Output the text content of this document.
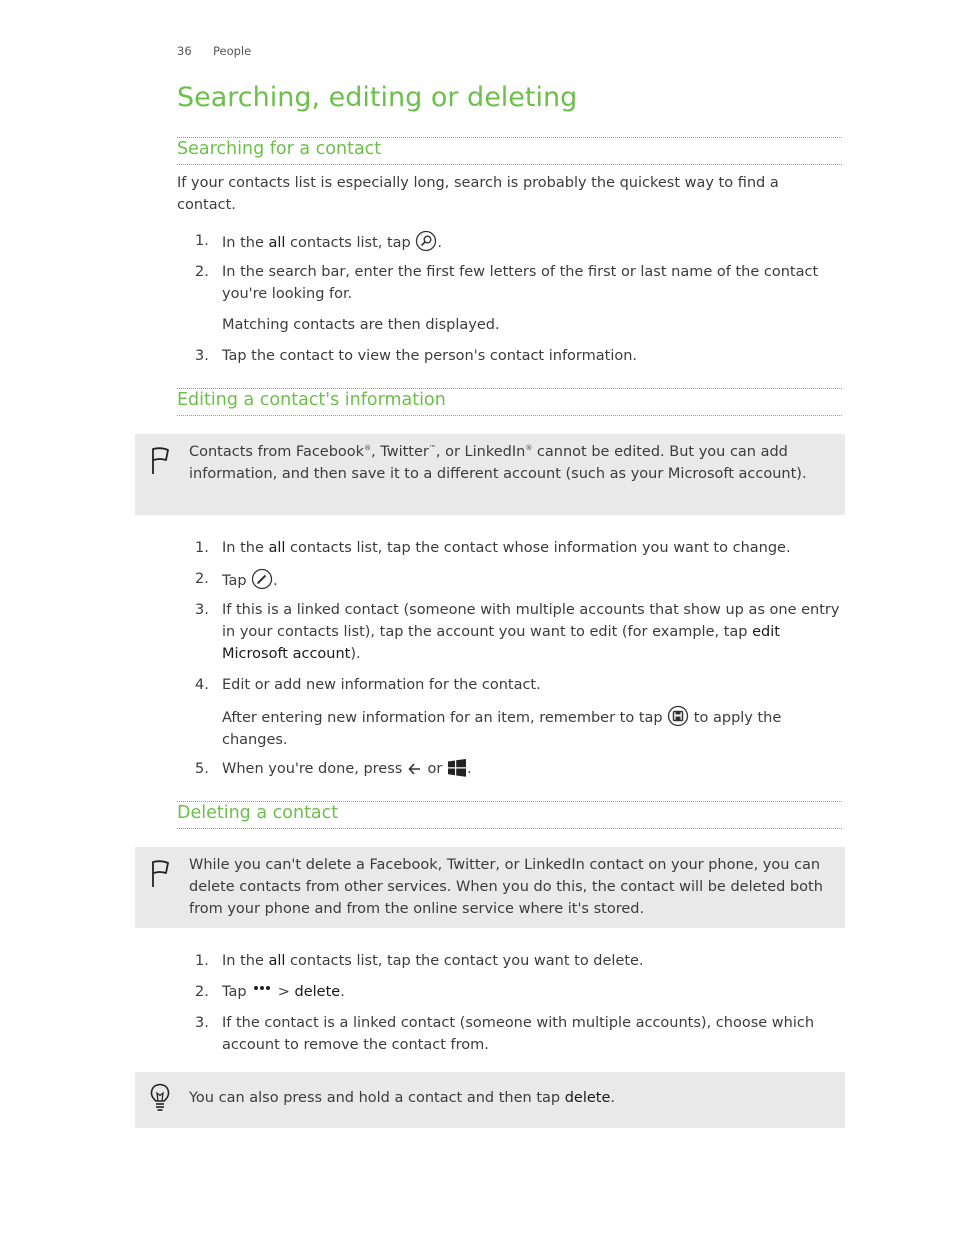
36 People
Searching, editing or deleting
Searching for a contact
If your contacts list is especially long, search is probably the quickest way to find a contact.
1. In the all contacts list, tap .
2. In the search bar, enter the first few letters of the first or last name of the contact you're looking for.
Matching contacts are then displayed.
3. Tap the contact to view the person's contact information.
Editing a contact's information
Contacts from Facebook®, Twitter™, or LinkedIn® cannot be edited. But you can add information, and then save it to a different account (such as your Microsoft account).
1. In the all contacts list, tap the contact whose information you want to change.
2. Tap .
3. If this is a linked contact (someone with multiple accounts that show up as one entry in your contacts list), tap the account you want to edit (for example, tap edit Microsoft account).
4. Edit or add new information for the contact.
After entering new information for an item, remember to tap  to apply the changes.
5. When you're done, press  or .
Deleting a contact
While you can't delete a Facebook, Twitter, or LinkedIn contact on your phone, you can delete contacts from other services. When you do this, the contact will be deleted both from your phone and from the online service where it's stored.
1. In the all contacts list, tap the contact you want to delete.
2. Tap  > delete.
3. If the contact is a linked contact (someone with multiple accounts), choose which account to remove the contact from.
You can also press and hold a contact and then tap delete.
